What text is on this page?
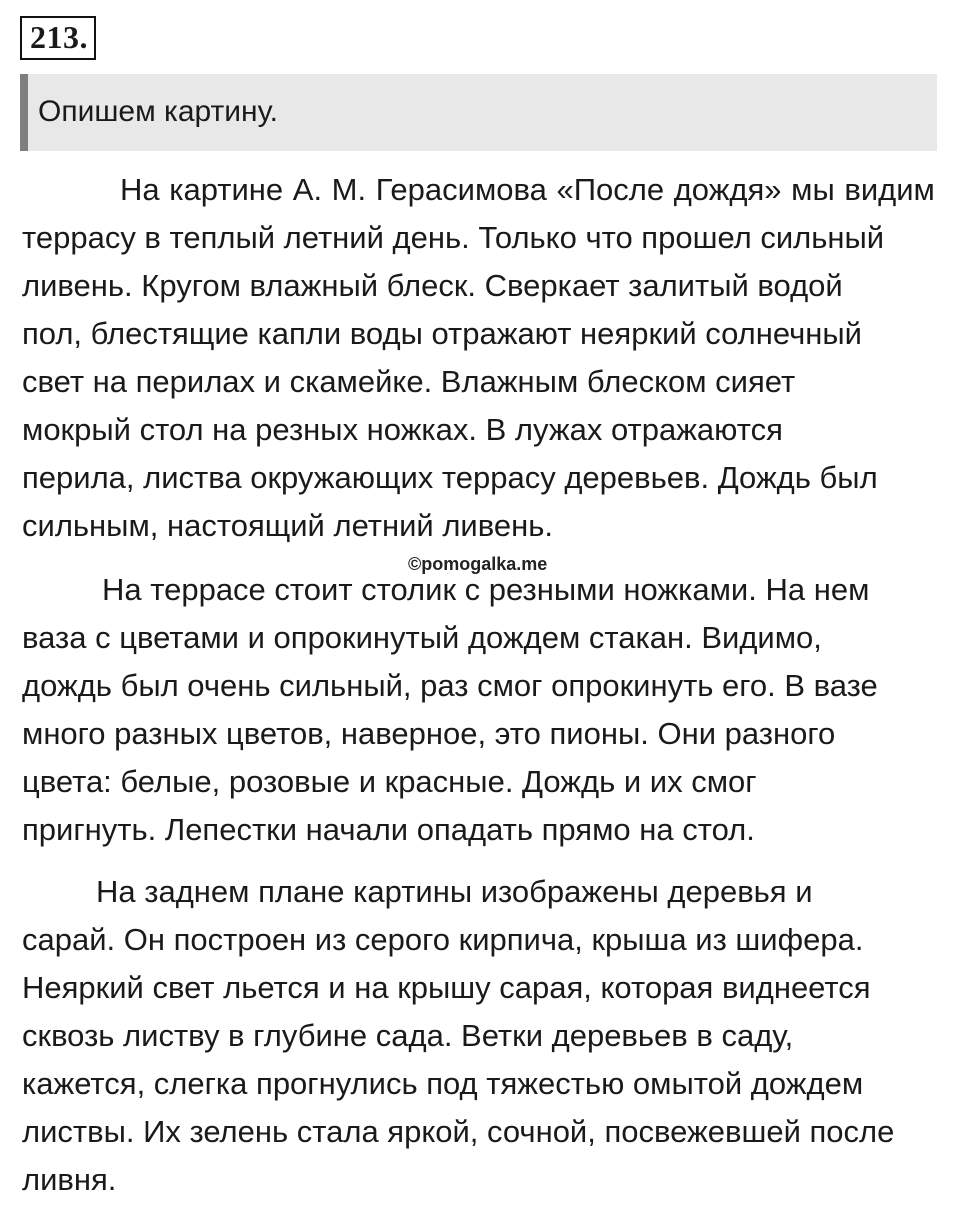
213.
Опишем картину.
На картине А. М. Герасимова «После дождя» мы видим
террасу в теплый летний день. Только что прошел сильный
ливень. Кругом влажный блеск. Сверкает залитый водой
пол, блестящие капли воды отражают неяркий солнечный
свет на перилах и скамейке. Влажным блеском сияет
мокрый стол на резных ножках. В лужах отражаются
перила, листва окружающих террасу деревьев. Дождь был
сильным, настоящий летний ливень.
©pomogalka.me
На террасе стоит столик с резными ножками. На нем
ваза с цветами и опрокинутый дождем стакан. Видимо,
дождь был очень сильный, раз смог опрокинуть его. В вазе
много разных цветов, наверное, это пионы. Они разного
цвета: белые, розовые и красные. Дождь и их смог
пригнуть. Лепестки начали опадать прямо на стол.
На заднем плане картины изображены деревья и
сарай. Он построен из серого кирпича, крыша из шифера.
Неяркий свет льется и на крышу сарая, которая виднеется
сквозь листву в глубине сада. Ветки деревьев в саду,
кажется, слегка прогнулись под тяжестью омытой дождем
листвы. Их зелень стала яркой, сочной, посвежевшей после
ливня.
